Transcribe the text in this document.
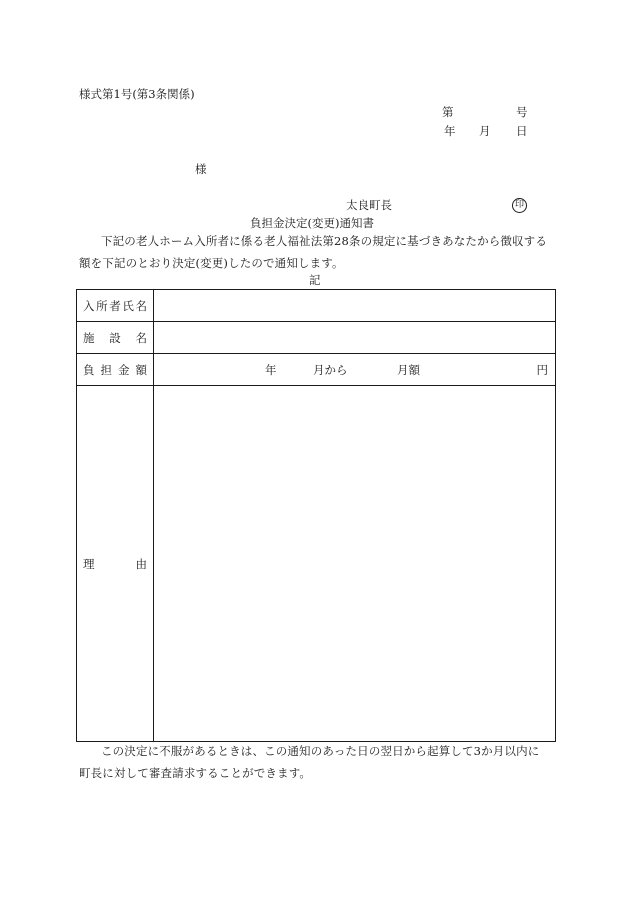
様式第1号(第3条関係)
第	号
年 月 日
様
太良町長	印
負担金決定(変更)通知書
下記の老人ホーム入所者に係る老人福祉法第28条の規定に基づきあなたから徴収する
額を下記のとおり決定(変更)したので通知します。
記
入 所 者 氏 名	

施 設 名	

負 担 金 額	年 月から 月額 円

理 由	

この決定に不服があるときは、この通知のあった日の翌日から起算して3か月以内に
町長に対して審査請求することができます。
